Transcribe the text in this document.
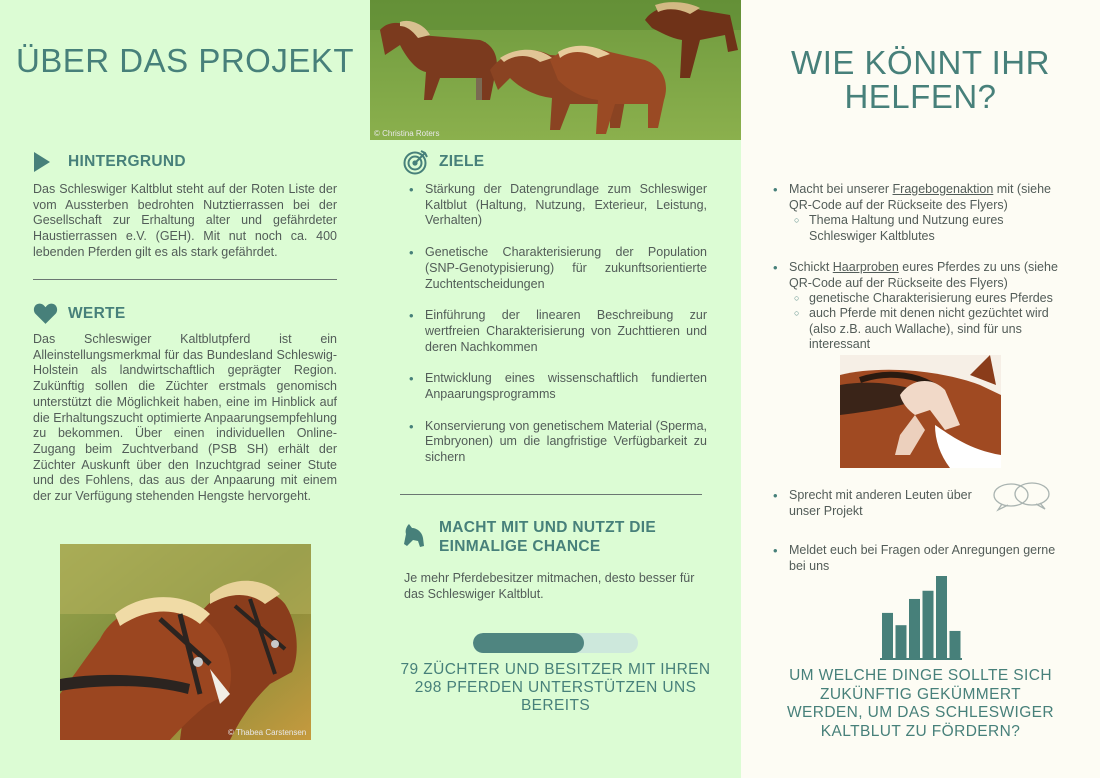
ÜBER DAS PROJEKT
HINTERGRUND

Das Schleswiger Kaltblut steht auf der Roten Liste der vom Aussterben bedrohten Nutztierrassen bei der Gesellschaft zur Erhaltung alter und gefährdeter Haustierrassen e.V. (GEH). Mit nut noch ca. 400 lebenden Pferden gilt es als stark gefährdet.

WERTE

Das Schleswiger Kaltblutpferd ist ein Alleinstellungsmerkmal für das Bundesland Schleswig-Holstein als landwirtschaftlich geprägter Region. Zukünftig sollen die Züchter erstmals genomisch unterstützt die Möglichkeit haben, eine im Hinblick auf die Erhaltungszucht optimierte Anpaarungsempfehlung zu bekommen. Über einen individuellen Online-Zugang beim Zuchtverband (PSB SH) erhält der Züchter Auskunft über den Inzuchtgrad seiner Stute und des Fohlens, das aus der Anpaarung mit einem der zur Verfügung stehenden Hengste hervorgeht.

© Thabea Carstensen
© Christina Roters
ZIELE
• Stärkung der Datengrundlage zum Schleswiger Kaltblut (Haltung, Nutzung, Exterieur, Leistung, Verhalten)
• Genetische Charakterisierung der Population (SNP-Genotypisierung) für zukunftsorientierte Zuchtentscheidungen
• Einführung der linearen Beschreibung zur wertfreien Charakterisierung von Zuchttieren und deren Nachkommen
• Entwicklung eines wissenschaftlich fundierten Anpaarungsprogramms
• Konservierung von genetischem Material (Sperma, Embryonen) um die langfristige Verfügbarkeit zu sichern
MACHT MIT UND NUTZT DIE EINMALIGE CHANCE

Je mehr Pferdebesitzer mitmachen, desto besser für das Schleswiger Kaltblut.

79 ZÜCHTER UND BESITZER MIT IHREN 298 PFERDEN UNTERSTÜTZEN UNS BEREITS
WIE KÖNNT IHR HELFEN?
• Macht bei unserer Fragebogenaktion mit (siehe QR-Code auf der Rückseite des Flyers)
○ Thema Haltung und Nutzung eures Schleswiger Kaltblutes
• Schickt Haarproben eures Pferdes zu uns (siehe QR-Code auf der Rückseite des Flyers)
○ genetische Charakterisierung eures Pferdes
○ auch Pferde mit denen nicht gezüchtet wird (also z.B. auch Wallache), sind für uns interessant
• Sprecht mit anderen Leuten über unser Projekt
• Meldet euch bei Fragen oder Anregungen gerne bei uns
UM WELCHE DINGE SOLLTE SICH ZUKÜNFTIG GEKÜMMERT WERDEN, UM DAS SCHLESWIGER KALTBLUT ZU FÖRDERN?
